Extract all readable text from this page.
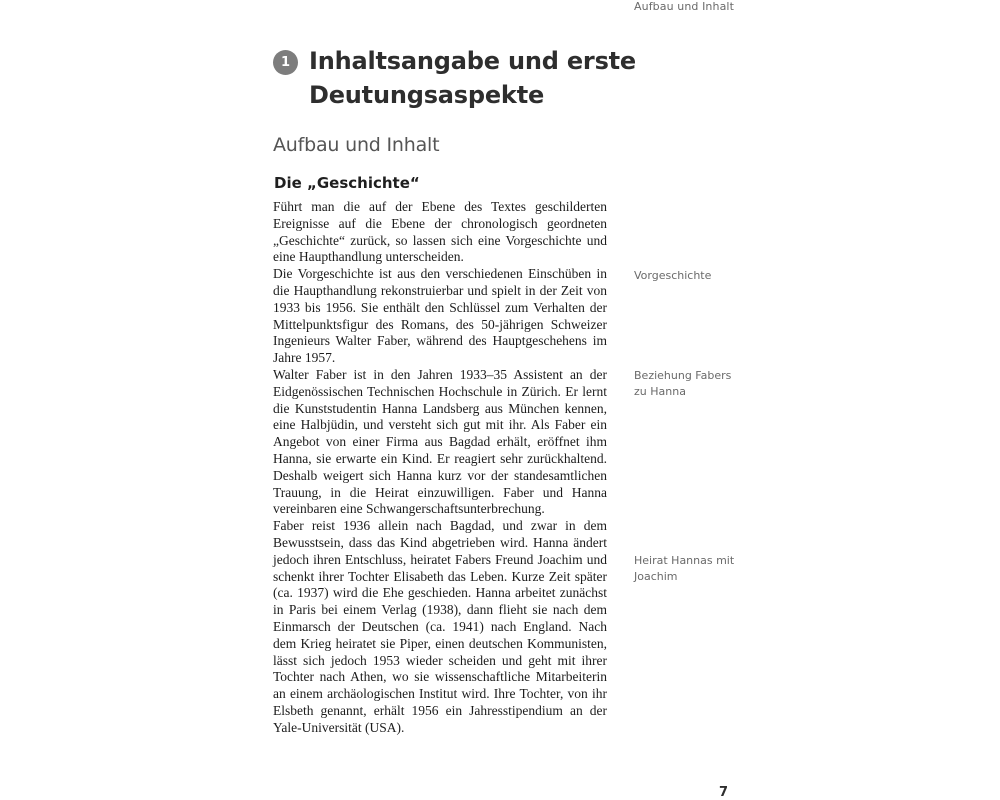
Aufbau und Inhalt
1 Inhaltsangabe und erste Deutungsaspekte
Aufbau und Inhalt
Die „Geschichte“

Führt man die auf der Ebene des Textes geschilderten Ereignisse auf die Ebene der chronologisch geordneten „Geschichte“ zurück, so lassen sich eine Vorgeschichte und eine Haupthandlung unterscheiden.

Die Vorgeschichte ist aus den verschiedenen Einschüben in die Haupthandlung rekonstruierbar und spielt in der Zeit von 1933 bis 1956. Sie enthält den Schlüssel zum Verhalten der Mittelpunktsfigur des Romans, des 50-jährigen Schweizer Ingenieurs Walter Faber, während des Hauptgeschehens im Jahre 1957.

Walter Faber ist in den Jahren 1933–35 Assistent an der Eidgenössischen Technischen Hochschule in Zürich. Er lernt die Kunststudentin Hanna Landsberg aus München kennen, eine Halbjüdin, und versteht sich gut mit ihr. Als Faber ein Angebot von einer Firma aus Bagdad erhält, eröffnet ihm Hanna, sie erwarte ein Kind. Er reagiert sehr zurückhaltend. Deshalb weigert sich Hanna kurz vor der standesamtlichen Trauung, in die Heirat einzuwilligen. Faber und Hanna vereinbaren eine Schwangerschaftsunterbrechung.

Faber reist 1936 allein nach Bagdad, und zwar in dem Bewusstsein, dass das Kind abgetrieben wird. Hanna ändert jedoch ihren Entschluss, heiratet Fabers Freund Joachim und schenkt ihrer Tochter Elisabeth das Leben. Kurze Zeit später (ca. 1937) wird die Ehe geschieden. Hanna arbeitet zunächst in Paris bei einem Verlag (1938), dann flieht sie nach dem Einmarsch der Deutschen (ca. 1941) nach England. Nach dem Krieg heiratet sie Piper, einen deutschen Kommunisten, lässt sich jedoch 1953 wieder scheiden und geht mit ihrer Tochter nach Athen, wo sie wissenschaftliche Mitarbeiterin an einem archäologischen Institut wird. Ihre Tochter, von ihr Elsbeth genannt, erhält 1956 ein Jahresstipendium an der Yale-Universität (USA).

Vorgeschichte
Beziehung Fabers zu Hanna
Heirat Hannas mit Joachim
7
